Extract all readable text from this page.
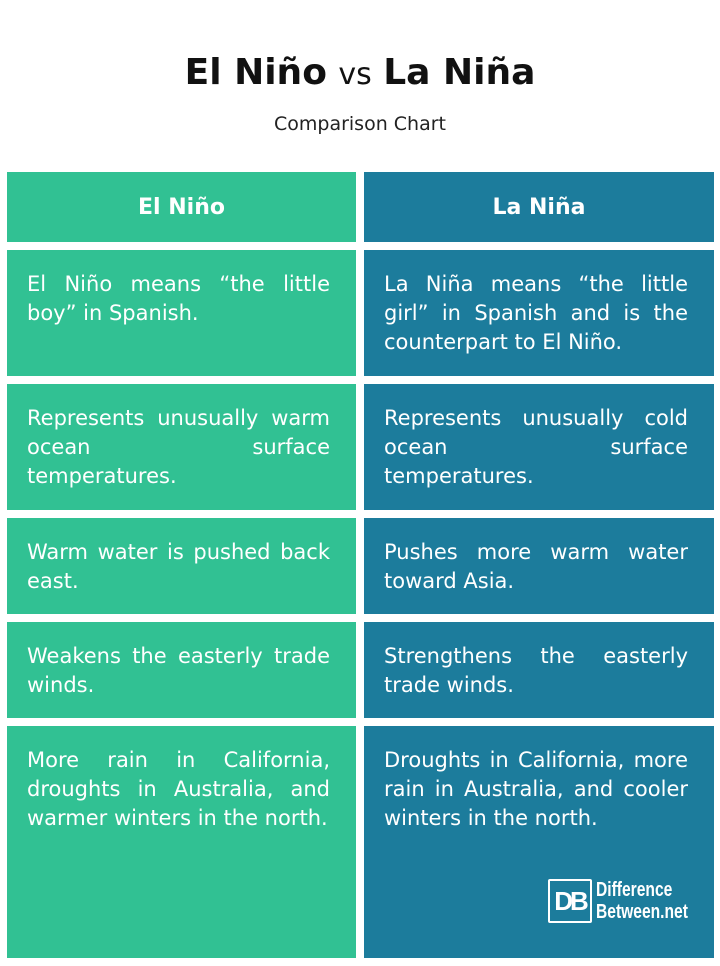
El Niño vs La Niña
Comparison Chart
El Niño	La Niña
El Niño means “the little boy” in Spanish.
La Niña means “the little girl” in Spanish and is the counterpart to El Niño.
Represents unusually warm ocean surface temperatures.
Represents unusually cold ocean surface temperatures.
Warm water is pushed back east.
Pushes more warm water toward Asia.
Weakens the easterly trade winds.
Strengthens the easterly trade winds.
More rain in California, droughts in Australia, and warmer winters in the north.
Droughts in California, more rain in Australia, and cooler winters in the north.
DB Difference
Between.net
